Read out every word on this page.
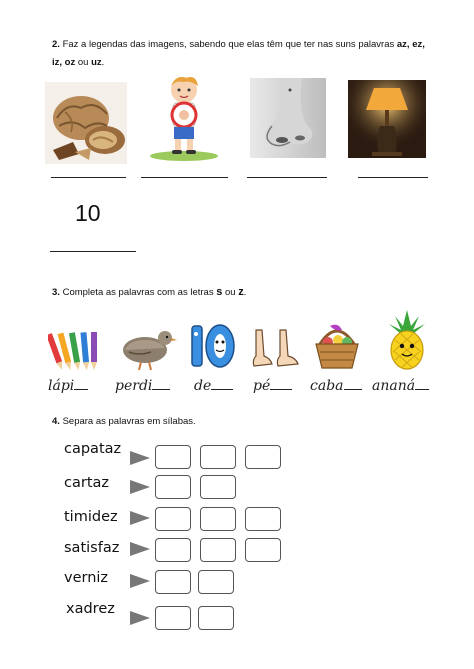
2. Faz a legendas das imagens, sabendo que elas têm que ter nas suns palavras az, ez,
iz, oz ou uz.
10
3. Completa as palavras com as letras s ou z.
lápi	perdi	de	pé	caba	ananá
4. Separa as palavras em sílabas.
capataz
cartaz
timidez
satisfaz
verniz
xadrez
